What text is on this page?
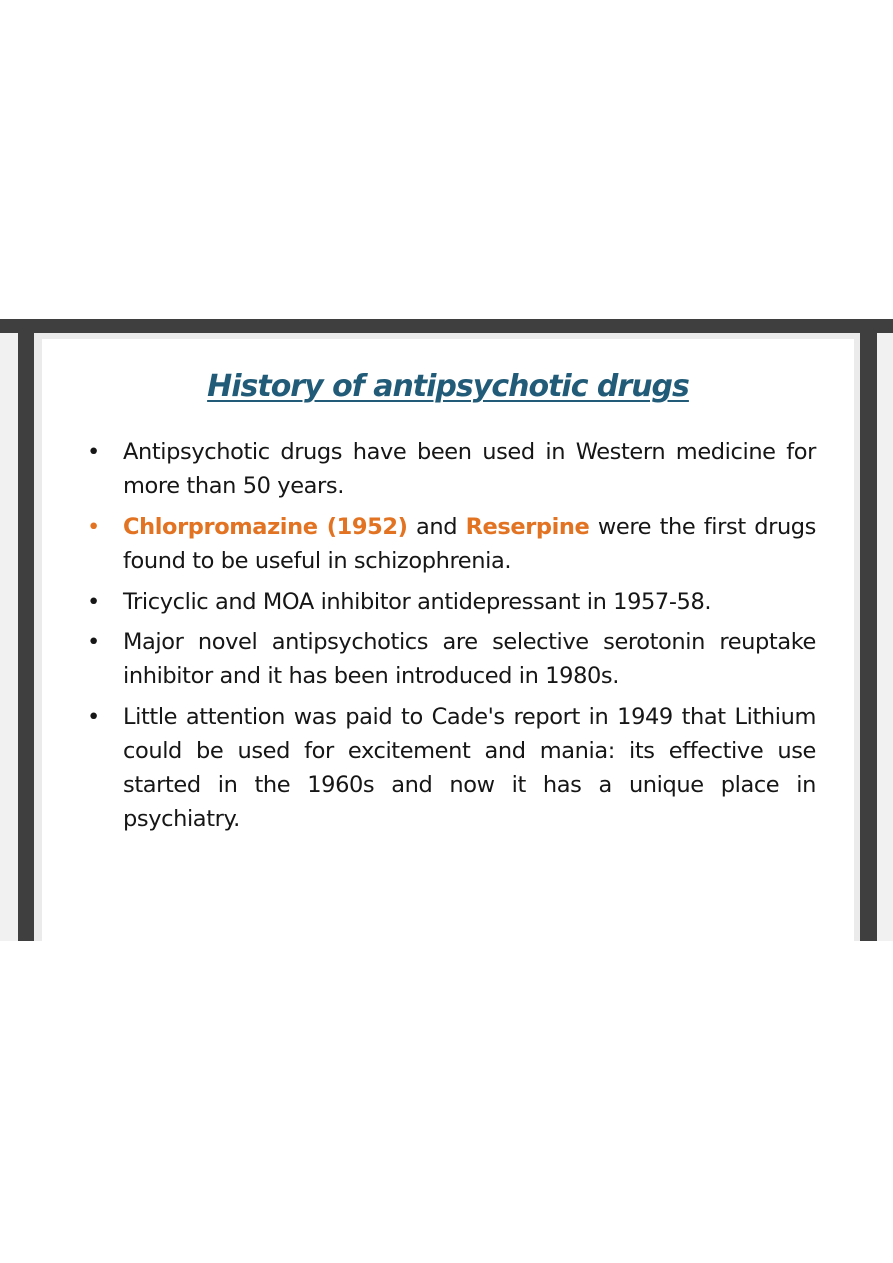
History of antipsychotic drugs
• Antipsychotic drugs have been used in Western medicine for more than 50 years.
• Chlorpromazine (1952) and Reserpine were the first drugs found to be useful in schizophrenia.
• Tricyclic and MOA inhibitor antidepressant in 1957-58.
• Major novel antipsychotics are selective serotonin reuptake inhibitor and it has been introduced in 1980s.
• Little attention was paid to Cade's report in 1949 that Lithium could be used for excitement and mania: its effective use started in the 1960s and now it has a unique place in psychiatry.
